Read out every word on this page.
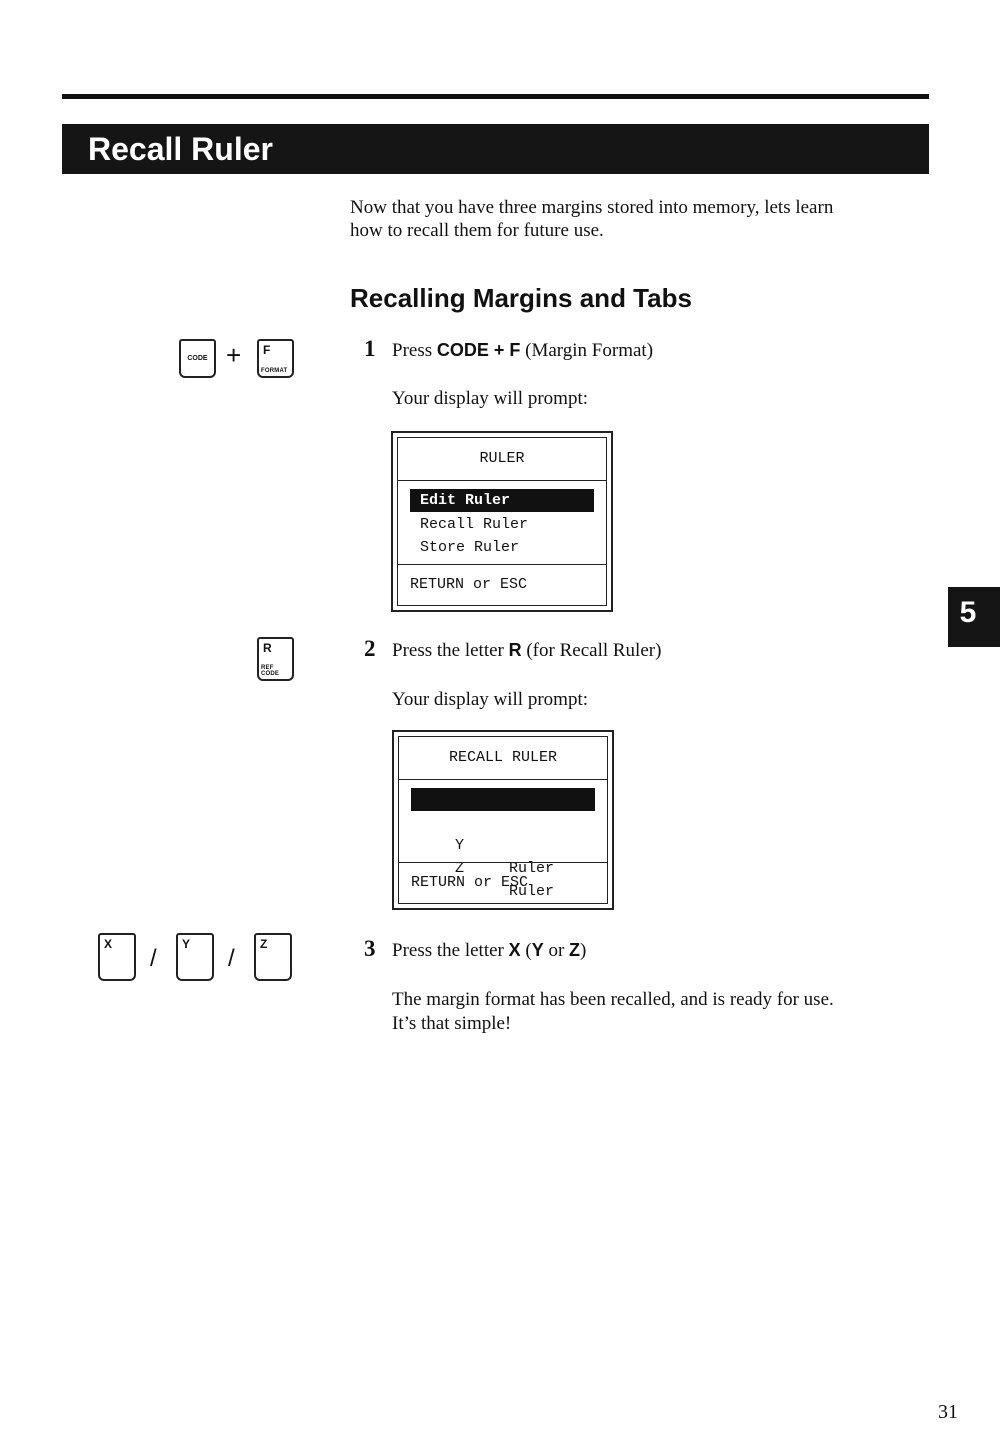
Recall Ruler
Now that you have three margins stored into memory, lets learn
how to recall them for future use.
Recalling Margins and Tabs
CODE + F
FORMAT
1 Press CODE + F (Margin Format)
Your display will prompt:
RULER
Edit Ruler
Recall Ruler
Store Ruler
RETURN or ESC
R
REF CODE
2 Press the letter R (for Recall Ruler)
Your display will prompt:
RECALL RULER

X

Ruler

Y

Ruler

Z

Ruler

RETURN or ESC
X
/
Y
/
Z	3 Press the letter X (Y or Z)
The margin format has been recalled, and is ready for use.
It’s that simple!
5
31
